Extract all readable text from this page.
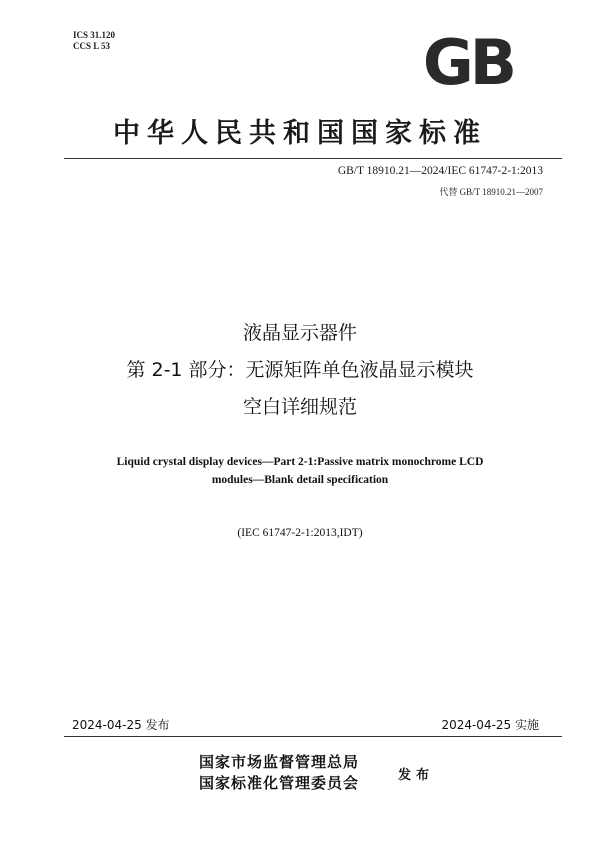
ICS 31.120
CCS L 53	GB
中华人民共和国国家标准
GB/T 18910.21—2024/IEC 61747-2-1:2013
代替 GB/T 18910.21—2007
液晶显示器件
第 2-1 部分：无源矩阵单色液晶显示模块
空白详细规范
Liquid crystal display devices—Part 2-1:Passive matrix monochrome LCD
modules—Blank detail specification
(IEC 61747-2-1:2013,IDT)
2024-04-25 发布	2024-04-25 实施
国家市场监督管理总局
国家标准化管理委员会	发布
